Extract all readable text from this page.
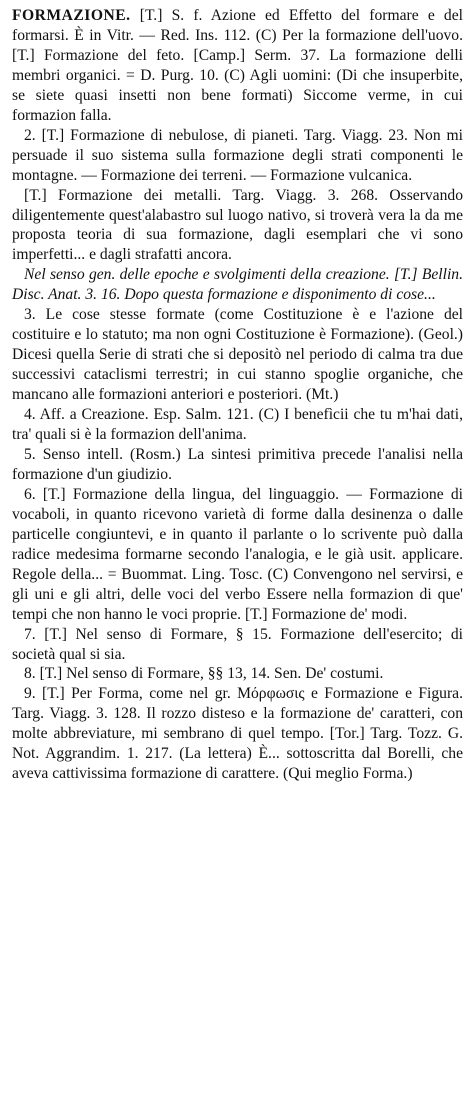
FORMAZIONE. [T.] S. f. Azione ed Effetto del formare e del formarsi. È in Vitr. — Red. Ins. 112. (C) Per la formazione dell'uovo. [T.] Formazione del feto. [Camp.] Serm. 37. La formazione delli membri organici. = D. Purg. 10. (C) Agli uomini: (Di che insuperbite, se siete quasi insetti non bene formati) Siccome verme, in cui formazion falla.

2. [T.] Formazione di nebulose, di pianeti. Targ. Viagg. 23. Non mi persuade il suo sistema sulla formazione degli strati componenti le montagne. — Formazione dei terreni. — Formazione vulcanica.

[T.] Formazione dei metalli. Targ. Viagg. 3. 268. Osservando diligentemente quest'alabastro sul luogo nativo, si troverà vera la da me proposta teoria di sua formazione, dagli esemplari che vi sono imperfetti... e dagli strafatti ancora.

Nel senso gen. delle epoche e svolgimenti della creazione. [T.] Bellin. Disc. Anat. 3. 16. Dopo questa formazione e disponimento di cose...

3. Le cose stesse formate (come Costituzione è e l'azione del costituire e lo statuto; ma non ogni Costituzione è Formazione). (Geol.) Dicesi quella Serie di strati che si depositò nel periodo di calma tra due successivi cataclismi terrestri; in cui stanno spoglie organiche, che mancano alle formazioni anteriori e posteriori. (Mt.)

4. Aff. a Creazione. Esp. Salm. 121. (C) I benefìcii che tu m'hai dati, tra' quali si è la formazion dell'anima.

5. Senso intell. (Rosm.) La sintesi primitiva precede l'analisi nella formazione d'un giudizio.

6. [T.] Formazione della lingua, del linguaggio. — Formazione di vocaboli, in quanto ricevono varietà di forme dalla desinenza o dalle particelle congiuntevi, e in quanto il parlante o lo scrivente può dalla radice medesima formarne secondo l'analogia, e le già usit. applicare. Regole della... = Buommat. Ling. Tosc. (C) Convengono nel servirsi, e gli uni e gli altri, delle voci del verbo Essere nella formazion di que' tempi che non hanno le voci proprie. [T.] Formazione de' modi.

7. [T.] Nel senso di Formare, § 15. Formazione dell'esercito; di società qual si sia.

8. [T.] Nel senso di Formare, §§ 13, 14. Sen. De' costumi.

9. [T.] Per Forma, come nel gr. Μόρφωσις e Formazione e Figura. Targ. Viagg. 3. 128. Il rozzo disteso e la formazione de' caratteri, con molte abbreviature, mi sembrano di quel tempo. [Tor.] Targ. Tozz. G. Not. Aggrandim. 1. 217. (La lettera) È... sottoscritta dal Borelli, che aveva cattivissima formazione di carattere. (Qui meglio Forma.)
